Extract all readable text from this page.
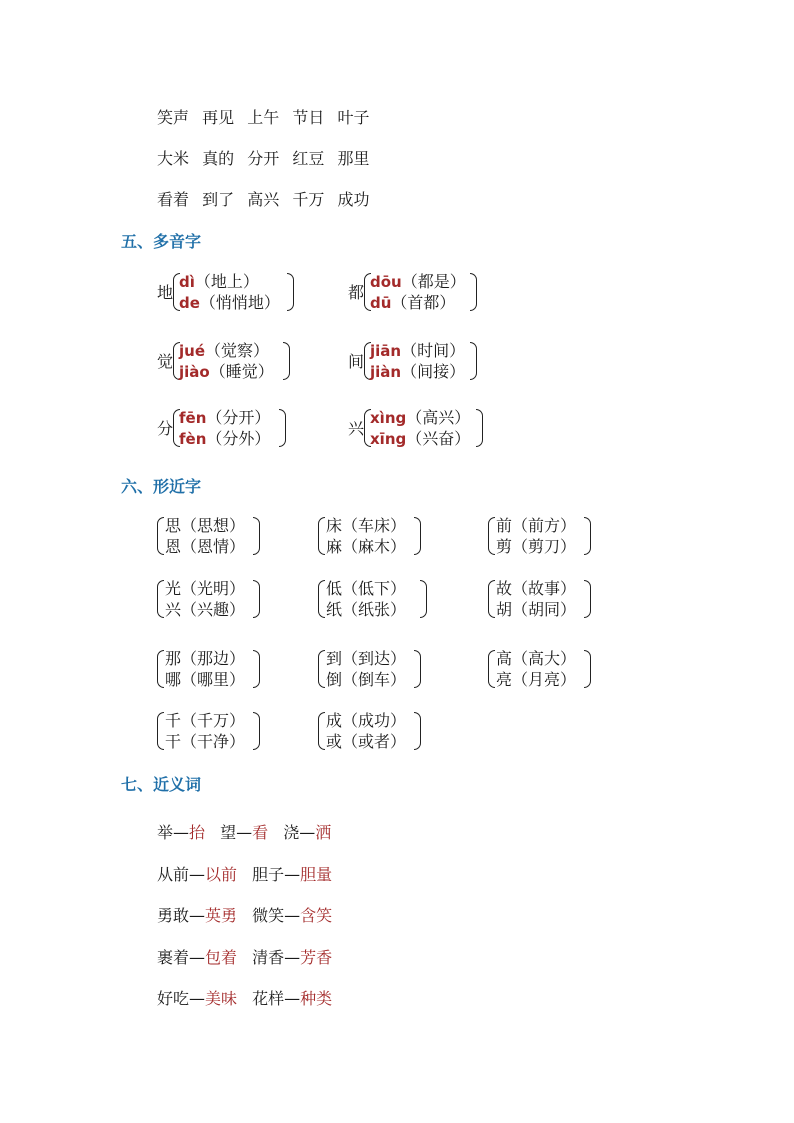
笑声 再见 上午 节日 叶子
大米 真的 分开 红豆 那里
看着 到了 高兴 千万 成功
五、多音字
地
dì（地上）
de（悄悄地）
都
dōu（都是）
dū（首都）
觉
jué（觉察）
jiào（睡觉）
间
jiān（时间）
jiàn（间接）
分
fēn（分开）
fèn（分外）
兴
xìng（高兴）
xīng（兴奋）
六、形近字
思（思想）
恩（恩情）
床（车床）
麻（麻木）
前（前方）
剪（剪刀）
光（光明）
兴（兴趣）
低（低下）
纸（纸张）
故（故事）
胡（胡同）
那（那边）
哪（哪里）
到（到达）
倒（倒车）
高（高大）
亮（月亮）
千（千万）
干（干净）
成（成功）
或（或者）
七、近义词
举—抬 望—看 浇—洒
从前—以前 胆子—胆量
勇敢—英勇 微笑—含笑
裹着—包着 清香—芳香
好吃—美味 花样—种类
